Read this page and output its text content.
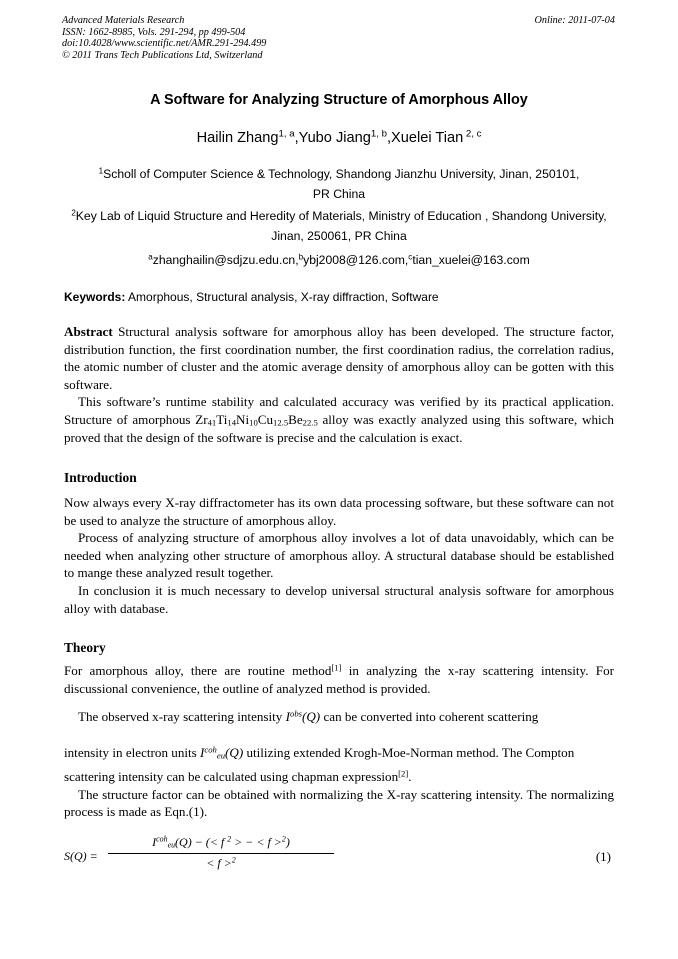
Advanced Materials Research
ISSN: 1662-8985, Vols. 291-294, pp 499-504
doi:10.4028/www.scientific.net/AMR.291-294.499
© 2011 Trans Tech Publications Ltd, Switzerland
Online: 2011-07-04
A Software for Analyzing Structure of Amorphous Alloy
Hailin Zhang$^{1, a}$,Yubo Jiang$^{1, b}$,Xuelei Tian $^{2, c}$
$^1$Scholl of Computer Science & Technology, Shandong Jianzhu University, Jinan, 250101,
PR China
$^2$Key Lab of Liquid Structure and Heredity of Materials, Ministry of Education , Shandong University,
Jinan, 250061, PR China
$^a$zhanghailin@sdjzu.edu.cn,$^b$ybj2008@126.com,$^c$tian_xuelei@163.com
Keywords: Amorphous, Structural analysis, X-ray diffraction, Software

Abstract Structural analysis software for amorphous alloy has been developed. The structure factor, distribution function, the first coordination number, the first coordination radius, the correlation radius, the atomic number of cluster and the atomic average density of amorphous alloy can be gotten with this software.

This software’s runtime stability and calculated accuracy was verified by its practical application. Structure of amorphous $Zr_{41}Ti_{14}Ni_{10}Cu_{12.5}Be_{22.5}$ alloy was exactly analyzed using this software, which proved that the design of the software is precise and the calculation is exact.

Introduction

Now always every X-ray diffractometer has its own data processing software, but these software can not be used to analyze the structure of amorphous alloy.

Process of analyzing structure of amorphous alloy involves a lot of data unavoidably, which can be needed when analyzing other structure of amorphous alloy. A structural database should be established to mange these analyzed result together.

In conclusion it is much necessary to develop universal structural analysis software for amorphous alloy with database.

Theory

For amorphous alloy, there are routine method[1] in analyzing the x-ray scattering intensity. For discussional convenience, the outline of analyzed method is provided.

The observed x-ray scattering intensity $I^{obs}(Q)$ can be converted into coherent scattering

intensity in electron units $I^{coh}_{eu}(Q)$ utilizing extended Krogh-Moe-Norman method. The Compton

scattering intensity can be calculated using chapman expression[2].

The structure factor can be obtained with normalizing the X-ray scattering intensity. The normalizing process is made as Eqn.(1).

S(Q) =
$I^{coh}_{eu}(Q)$ − (< f $^2$ > − < f >$^2$)
< f >$^2$	(1)
